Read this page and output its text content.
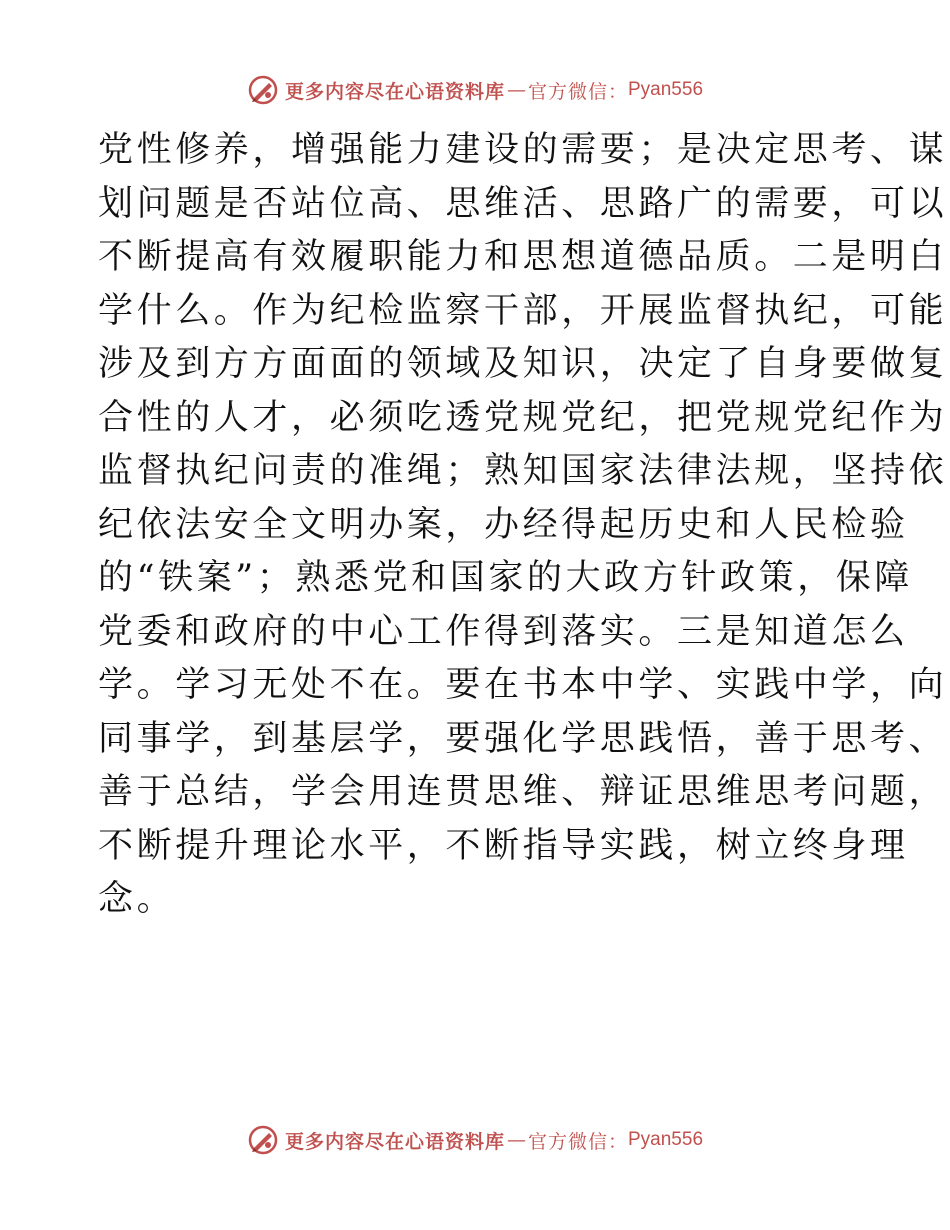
更多内容尽在心语资料库 — 官方微信： Pyan556
党性修养，增强能力建设的需要；是决定思考、谋
划问题是否站位高、思维活、思路广的需要，可以
不断提高有效履职能力和思想道德品质。二是明白
学什么。作为纪检监察干部，开展监督执纪，可能
涉及到方方面面的领域及知识，决定了自身要做复
合性的人才，必须吃透党规党纪，把党规党纪作为
监督执纪问责的准绳；熟知国家法律法规，坚持依
纪依法安全文明办案，办经得起历史和人民检验
的“铁案”；熟悉党和国家的大政方针政策，保障
党委和政府的中心工作得到落实。三是知道怎么
学。学习无处不在。要在书本中学、实践中学，向
同事学，到基层学，要强化学思践悟，善于思考、
善于总结，学会用连贯思维、辩证思维思考问题，
不断提升理论水平，不断指导实践，树立终身理
念。
更多内容尽在心语资料库 — 官方微信： Pyan556
